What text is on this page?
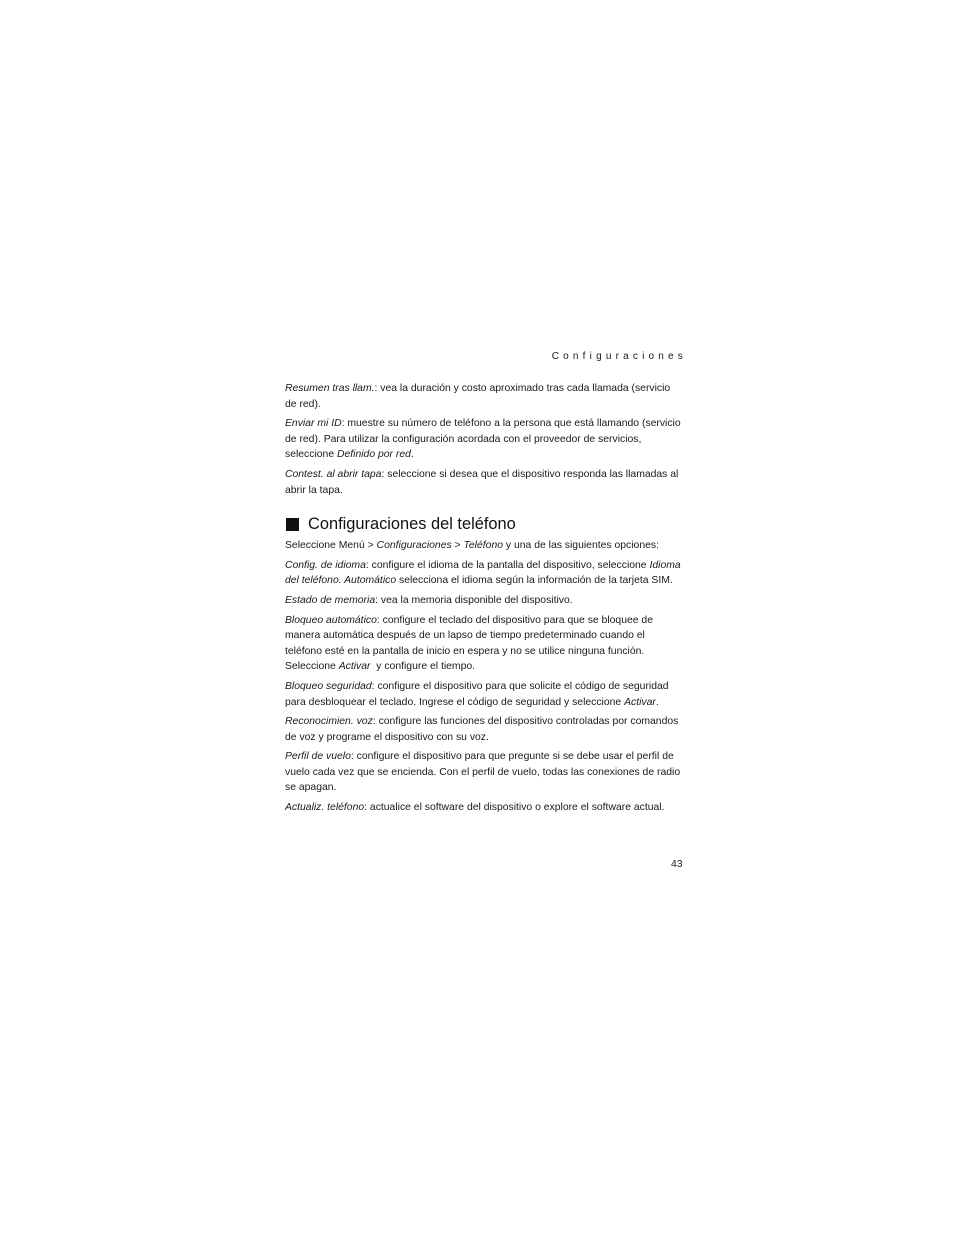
Configuraciones

Resumen tras llam.: vea la duración y costo aproximado tras cada llamada (servicio de red).

Enviar mi ID: muestre su número de teléfono a la persona que está llamando (servicio de red). Para utilizar la configuración acordada con el proveedor de servicios, seleccione Definido por red.

Contest. al abrir tapa: seleccione si desea que el dispositivo responda las llamadas al abrir la tapa.

Configuraciones del teléfono

Seleccione Menú > Configuraciones > Teléfono y una de las siguientes opciones:

Config. de idioma: configure el idioma de la pantalla del dispositivo, seleccione Idioma del teléfono. Automático selecciona el idioma según la información de la tarjeta SIM.

Estado de memoria: vea la memoria disponible del dispositivo.

Bloqueo automático: configure el teclado del dispositivo para que se bloquee de manera automática después de un lapso de tiempo predeterminado cuando el teléfono esté en la pantalla de inicio en espera y no se utilice ninguna función. Seleccione Activar  y configure el tiempo.

Bloqueo seguridad: configure el dispositivo para que solicite el código de seguridad para desbloquear el teclado. Ingrese el código de seguridad y seleccione Activar.

Reconocimien. voz: configure las funciones del dispositivo controladas por comandos de voz y programe el dispositivo con su voz.

Perfil de vuelo: configure el dispositivo para que pregunte si se debe usar el perfil de vuelo cada vez que se encienda. Con el perfil de vuelo, todas las conexiones de radio se apagan.

Actualiz. teléfono: actualice el software del dispositivo o explore el software actual.

43
